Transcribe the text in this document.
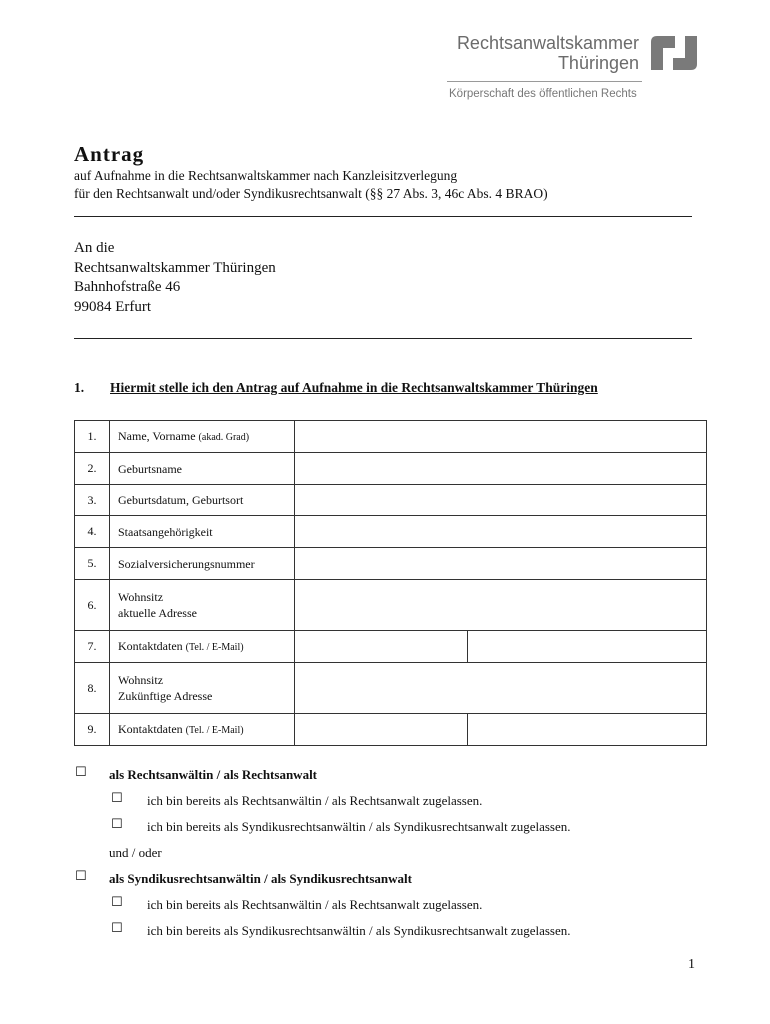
Rechtsanwaltskammer
Thüringen
Körperschaft des öffentlichen Rechts
Antrag
auf Aufnahme in die Rechtsanwaltskammer nach Kanzleisitzverlegung
für den Rechtsanwalt und/oder Syndikusrechtsanwalt (§§ 27 Abs. 3, 46c Abs. 4 BRAO)
An die
Rechtsanwaltskammer Thüringen
Bahnhofstraße 46
99084 Erfurt
1. Hiermit stelle ich den Antrag auf Aufnahme in die Rechtsanwaltskammer Thüringen
1.	Name, Vorname (akad. Grad)		
2.	Geburtsname		
3.	Geburtsdatum, Geburtsort		
4.	Staatsangehörigkeit		
5.	Sozialversicherungsnummer		
6.	Wohnsitz
aktuelle Adresse		

7.	Kontaktdaten (Tel. / E-Mail)		
8.	Wohnsitz
Zukünftige Adresse		

9.	Kontaktdaten (Tel. / E-Mail)		
☐ als Rechtsanwältin / als Rechtsanwalt
☐ ich bin bereits als Rechtsanwältin / als Rechtsanwalt zugelassen.
☐ ich bin bereits als Syndikusrechtsanwältin / als Syndikusrechtsanwalt zugelassen.
und / oder
☐ als Syndikusrechtsanwältin / als Syndikusrechtsanwalt
☐ ich bin bereits als Rechtsanwältin / als Rechtsanwalt zugelassen.
☐ ich bin bereits als Syndikusrechtsanwältin / als Syndikusrechtsanwalt zugelassen.
1
